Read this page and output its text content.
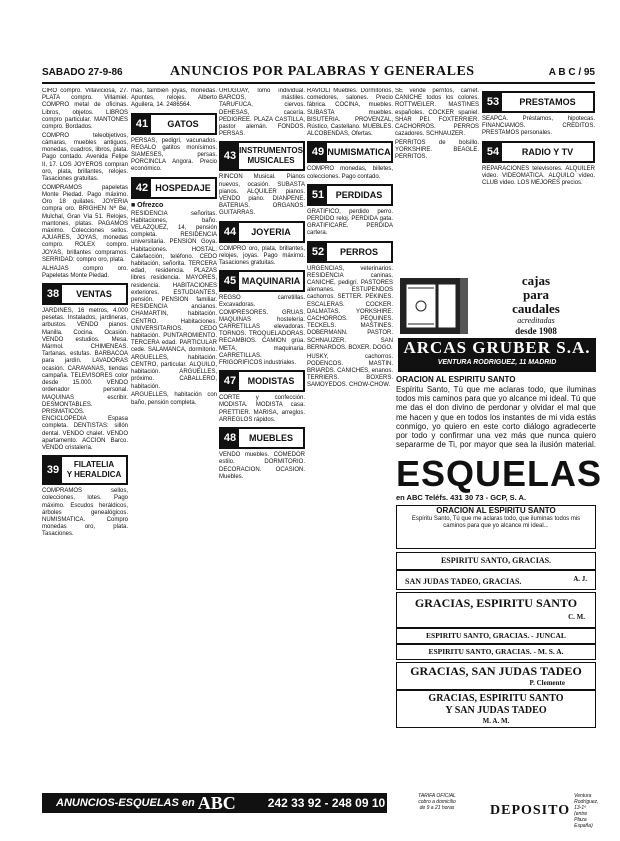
SABADO 27-9-86	ANUNCIOS POR PALABRAS Y GENERALES	A B C / 95

CIRO compro. Villaviciosa, 27. PLATA compro. Villamiel. COMPRO metal de oficinas. Libros, objetos. LIBROS compro particular. MANTONES compro. Bordados.

COMPRO teleobjetivos, cámaras, muebles antiguos, monedas, cuadros, libros, plata. Pago contado. Avenida Felipe II, 17. LOS JOYEROS compran oro, plata, brillantes, relojes. Tasaciones gratuitas.

COMPRAMOS papeletas Monte Piedad. Pago máximo. Oro 18 quilates. JOYERIA compra oro. BRIGHEN Nª Be, Mulchal, Gran Vía 51. Relojes, mantones, platas. PAGAMOS máximo. Colecciones sellos. AJUARES, JOYAS, monedas compro. ROLEX compro. JOYAS, brillantes compramos. SERRIDAD: compro oro, plata.

ALHAJAS compro oro. Papeletas Monte Piedad.

38	VENTAS

JARDINES, 16 metros, 4.000 pesetas. Instalados, jardineras, arbustos. VENDO pianos. Manilla. Cocina. Ocasión. VENDO estudios. Mesa. Mármol. CHIMENEAS. Tartanas, estufas. BARBACOA para jardín. LAVADORAS ocasión. CARAVANAS, tiendas campaña. TELEVISORES color desde 15.000. VENDO ordenador personal. MAQUINAS escribir. DESMONTABLES. PRISMATICOS. ENCICLOPEDIA Espasa completa. DENTISTAS: sillón dental. VENDO chalet. VENDO apartamento. ACCION Barco. VENDO cristalería.

39	FILATELIA
Y HERALDICA

COMPRAMOS sellos, colecciones, lotes. Pago máximo. Escudos heráldicos, árboles genealógicos. NUMISMATICA. Compro monedas oro, plata. Tasaciones.

más, también joyas, monedas. Apuntes, relojes. Alberto Aguilera, 14. 2486564.

41	GATOS

PERSAS, pedigrí, vacunados. REGALO gatitos monísimos. SIAMESES, persas. PORCINCLA Angora. Precio económico.

42 HOSPEDAJE
■ Ofrezco

RESIDENCIA señoritas. Habitaciones, baño. VELAZQUEZ, 14, pensión completa. RESIDENCIA universitaria. PENSION Goya. Habitaciones. HOSTAL. Calefacción, teléfono. CEDO habitación, señorita. TERCERA edad, residencia. PLAZAS libres residencia. MAYORES, residencia. HABITACIONES exteriores. ESTUDIANTES, pensión. PENSION familiar. RESIDENCIA ancianos. CHAMARTIN, habitación. CENTRO. Habitaciones. UNIVERSITARIOS. CEDO habitación. PUNTAROMIENTO. TERCERA edad. PARTICULAR cede. SALAMANCA, dormitorio. ARGUELLES, habitación. CENTRO, particular. ALQUILO, habitación. ARGUELLES, próximo. CABALLERO, habitación.

ARGUELLES, habitación con baño, pensión completa.

URUGUAY, lomo individual. BARCOS, mástiles. TARUFUCA, ciervos. DEHESAS, cacería. PEDIGREE. PLAZA CASTILLA, pastor alemán. FONDOS. PERSAS.

43 INSTRUMENTOS
MUSICALES

RINCON Musical. Pianos nuevos, ocasión. SUBASTA pianos. ALQUILER pianos. VENDO piano. DIANPENE. BATERIAS. ORGANOS. GUITARRAS.

44	JOYERIA

COMPRO oro, plata, brillantes, relojes, joyas. Pago máximo. Tasaciones gratuitas.

45 MAQUINARIA

REGSO carretillas. Excavadoras. COMPRESORES. GRUAS. MAQUINAS hostelería. CARRETILLAS elevadoras. TORNOS. TROQUELADORAS. RECAMBIOS. CAMION grúa. META, maquinaria. CARRETILLAS. FRIGORIFICOS industriales.

47	MODISTAS

CORTE y confección. MODISTA. MODISTA casa. PRETTIER. MARISA, arreglos. ARREGLOS rápidos.

48	MUEBLES

VENDO muebles. COMEDOR estilo. DORMITORIO. DECORACION. OCASION. Muebles.

RAVIOLI Muebles. Dormitorios, comedores, salones. Precio fábrica. COCINA, muebles. SUBASTA muebles. BISUTERIA. PROVENZAL, Rústico, Castellano. MUEBLES. ALCOBENDAS, Ofertas.

49 NUMISMATICA

COMPRO monedas, billetes, colecciones. Pago contado.

51	PERDIDAS

GRATIFICO, perdido perro. PERDIDO reloj. PERDIDA gata. GRATIFICARE. PERDIDA cartera.

52	PERROS

URGENCIAS, veterinarios. RESIDENCIA caninas. CANICHE, pedigrí. PASTORES alemanes. ESTUPENDOS cachorros. SETTER. PEKINES. ESCALERAS. COCKER. DALMATAS. YORKSHIRE. CACHORROS. PEQUINES. TECKELS. MASTINES. DOBERMANN. PASTOR. SCHNAUZER. SAN BERNARDOS. BOXER. DOGO.

HUSKY, cachorros. PODENCOS. MASTIN. BRIARDS. CANICHES, enanos. TERRIERS. BOXERS. SAMOYEDOS. CHOW-CHOW.

SE vende perritos, carnet. CANICHE todos los colores. ROTTWEILER. MASTINES españoles. COCKER spaniel. SHAR PEI. FOXTERRIER. CACHORROS. PERROS cazadores. SCHNAUZER.

PERRITOS de bolsillo. YORKSHIRE. BEAGLE. PERRITOS.

53	PRESTAMOS

SEAPCA. Préstamos, hipotecas. FINANCIAMOS. CREDITOS. PRESTAMOS personales.

54	RADIO Y TV

REPARACIONES televisores. ALQUILER video. VIDEOMATICA. ALQUILO vídeo. CLUB video. LOS MEJORES precios.

cajas
para
caudales
acreditadas
desde 1908
ARCAS GRUBER S.A.
VENTURA RODRIGUEZ, 11 MADRID
ORACION AL ESPIRITU SANTO
Espíritu Santo, Tú que me aclaras todo, que iluminas todos mis caminos para que yo alcance mi ideal. Tú que me das el don divino de perdonar y olvidar el mal que me hacen y que en todos los instantes de mi vida estás conmigo, yo quiero en este corto diálogo agradecerte por todo y confirmar una vez más que nunca quiero separarme de Ti, por mayor que sea la ilusión material.
ESQUELAS
en ABC Teléfs. 431 30 73 - GCP, S. A.
ORACION AL ESPIRITU SANTO
Espíritu Santo, Tú que me aclaras todo, que iluminas todos mis caminos para que yo alcance mi ideal...
ESPIRITU SANTO, GRACIAS.
SAN JUDAS TADEO, GRACIAS.	A. J.
GRACIAS, ESPIRITU SANTO
C. M.
ESPIRITU SANTO, GRACIAS. - JUNCAL
ESPIRITU SANTO, GRACIAS. - M. S. A.
GRACIAS, SAN JUDAS TADEO
P. Clemente
GRACIAS, ESPIRITU SANTO
Y SAN JUDAS TADEO
M. A. M.
ANUNCIOS-ESQUELAS en ABC	242 33 92 - 248 09 10	TARIFA OFICIAL
cobro a domicilio
de 9 a 21 horas	DEPOSITO
Ventura Rodríguez, 13-1º
(entre Plaza España)
